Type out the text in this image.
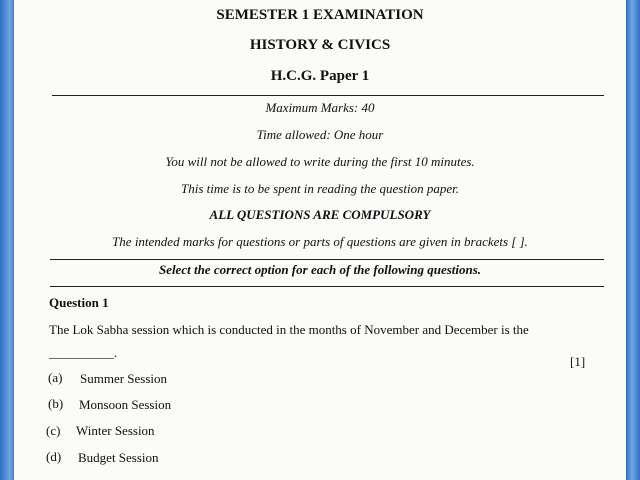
SEMESTER 1 EXAMINATION
HISTORY & CIVICS
H.C.G. Paper 1
Maximum Marks: 40
Time allowed: One hour
You will not be allowed to write during the first 10 minutes.
This time is to be spent in reading the question paper.
ALL QUESTIONS ARE COMPULSORY
The intended marks for questions or parts of questions are given in brackets [ ].
Select the correct option for each of the following questions.
Question 1
The Lok Sabha session which is conducted in the months of November and December is the
__________.
[1]
(a) Summer Session
(b) Monsoon Session
(c) Winter Session
(d) Budget Session
